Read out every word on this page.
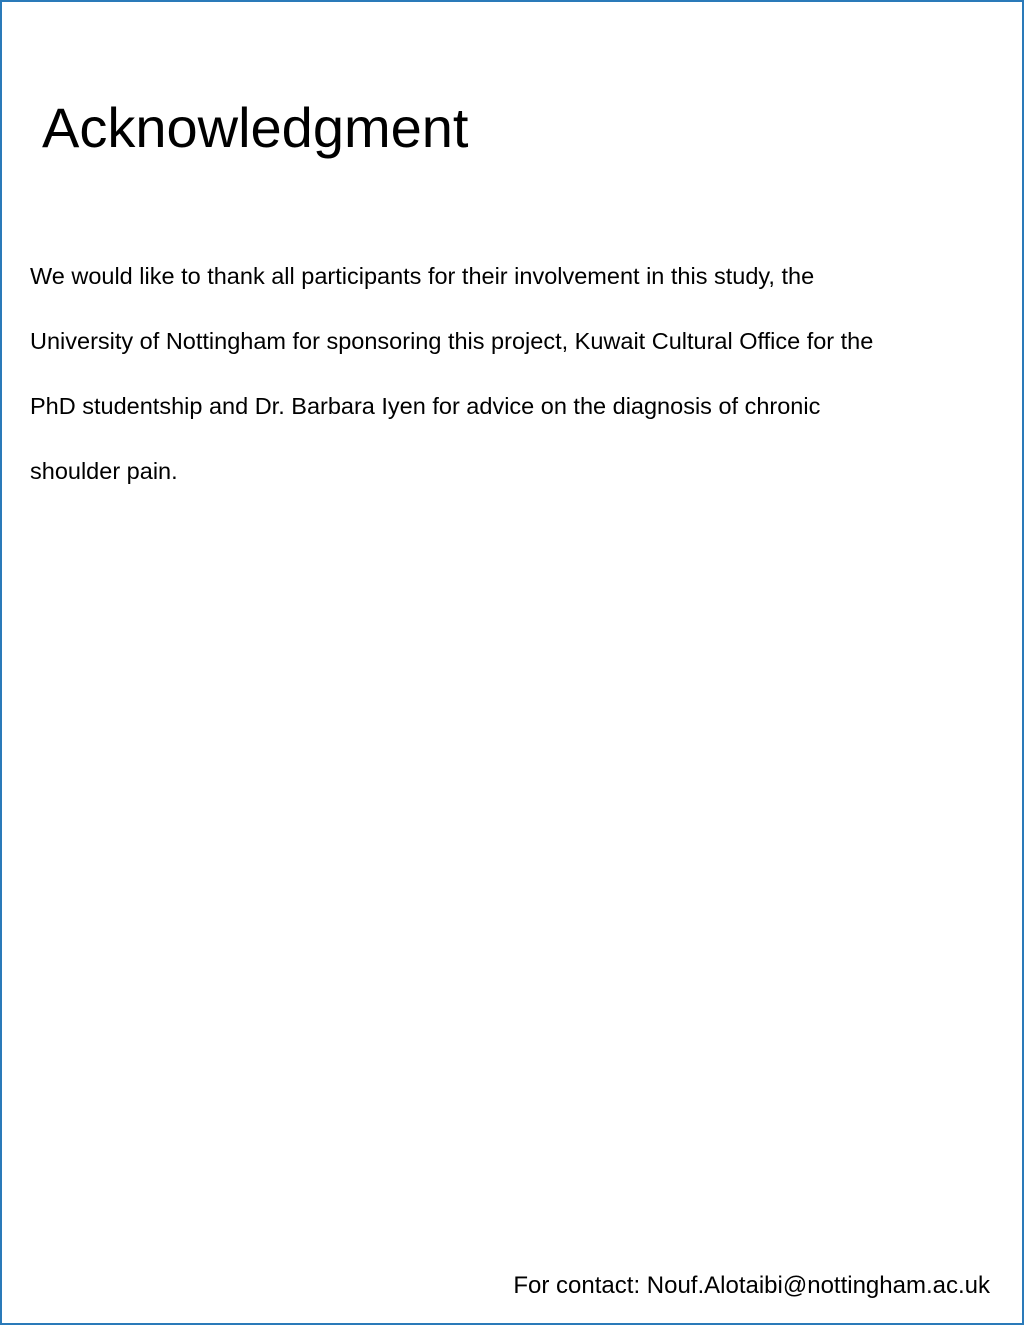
Acknowledgment

We would like to thank all participants for their involvement in this study, the
University of Nottingham for sponsoring this project, Kuwait Cultural Office for the
PhD studentship and Dr. Barbara Iyen for advice on the diagnosis of chronic
shoulder pain.

For contact: Nouf.Alotaibi@nottingham.ac.uk
